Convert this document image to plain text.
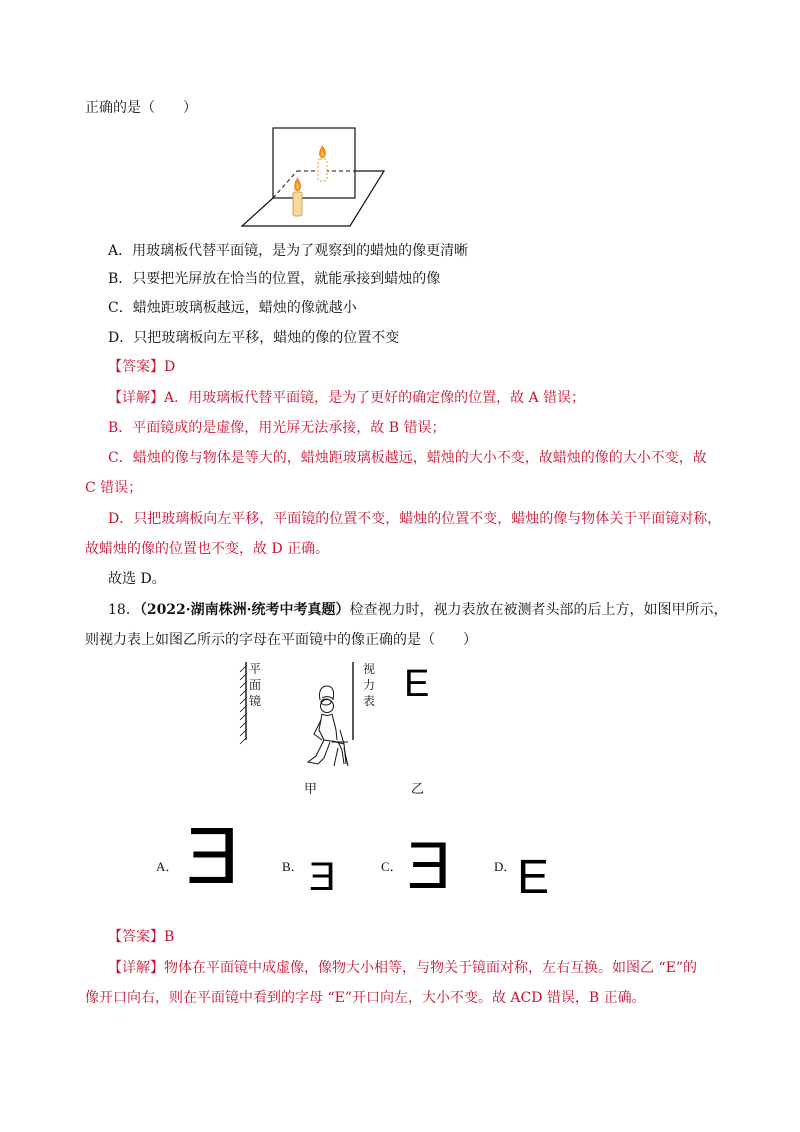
正确的是（　　）
A．用玻璃板代替平面镜，是为了观察到的蜡烛的像更清晰
B．只要把光屏放在恰当的位置，就能承接到蜡烛的像
C．蜡烛距玻璃板越远，蜡烛的像就越小
D．只把玻璃板向左平移，蜡烛的像的位置不变
【答案】D
【详解】A．用玻璃板代替平面镜，是为了更好的确定像的位置，故 A 错误；
B．平面镜成的是虚像，用光屏无法承接，故 B 错误；
C．蜡烛的像与物体是等大的，蜡烛距玻璃板越远，蜡烛的大小不变，故蜡烛的像的大小不变，故
C 错误；
D．只把玻璃板向左平移，平面镜的位置不变，蜡烛的位置不变，蜡烛的像与物体关于平面镜对称，
故蜡烛的像的位置也不变，故 D 正确。
故选 D。
18．（2022·湖南株洲·统考中考真题）检查视力时，视力表放在被测者头部的后上方，如图甲所示，
则视力表上如图乙所示的字母在平面镜中的像正确的是（　　）
平
面
镜
视
力
表 E
甲	乙
A． Ǝ	B． Ǝ	C． Ǝ	D． E
【答案】B
【详解】物体在平面镜中成虚像，像物大小相等，与物关于镜面对称，左右互换。如图乙 “E”的
像开口向右，则在平面镜中看到的字母 “E”开口向左，大小不变。故 ACD 错误，B 正确。
